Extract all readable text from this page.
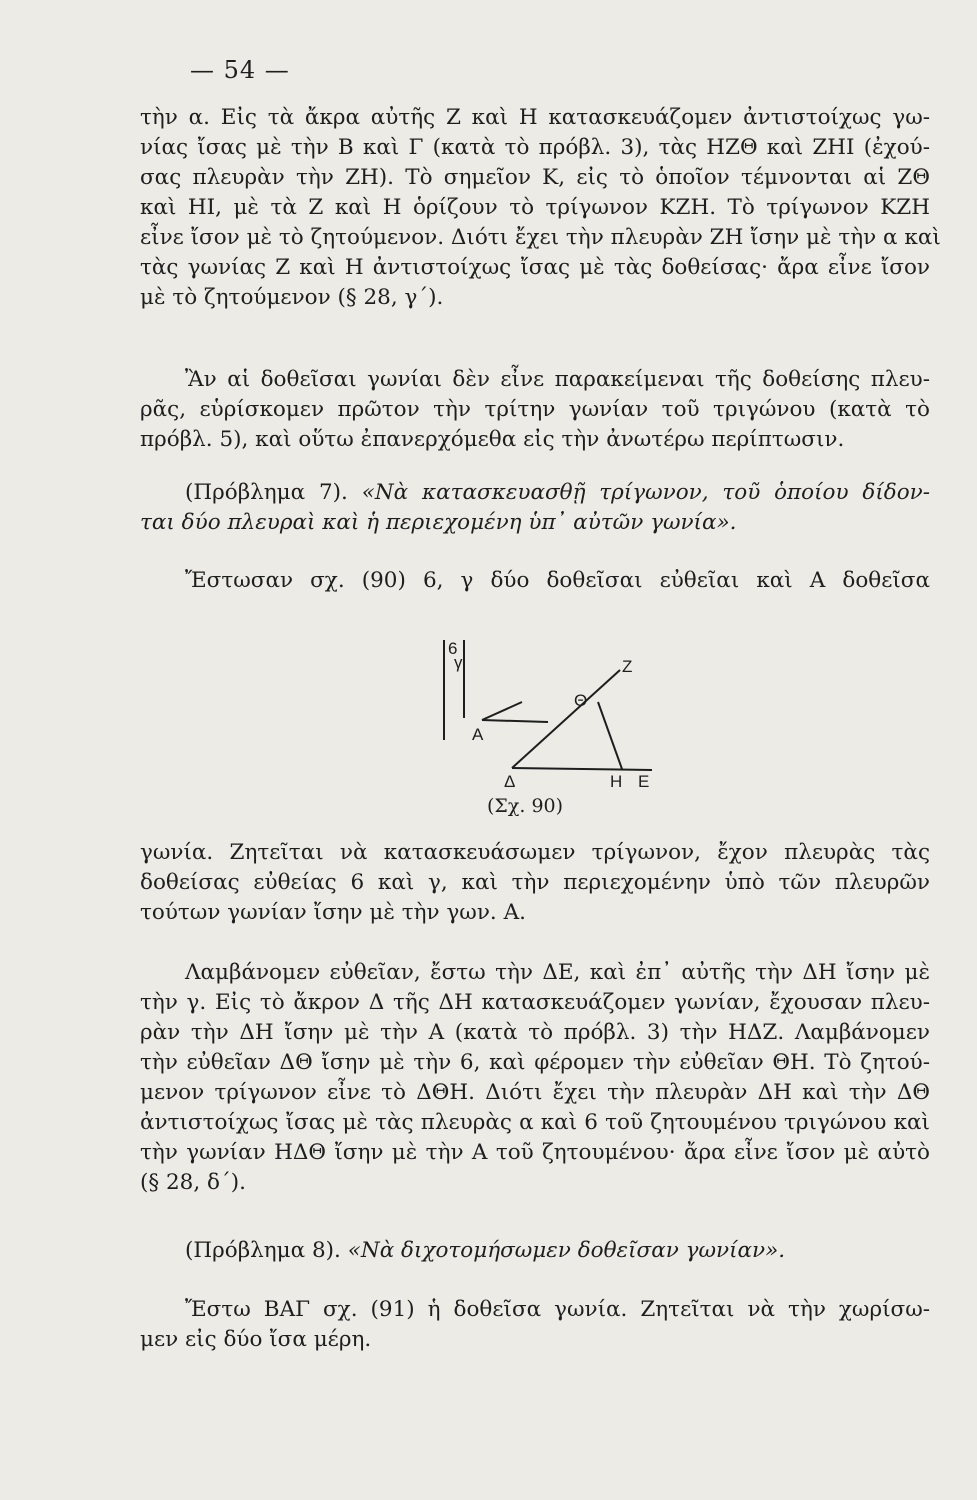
— 54 —
τὴν α. Εἰς τὰ ἄκρα αὐτῆς Ζ καὶ Η κατασκευάζομεν ἀντιστοίχως γω-
νίας ἴσας μὲ τὴν Β καὶ Γ (κατὰ τὸ πρόβλ. 3), τὰς ΗΖΘ καὶ ΖΗΙ (ἐχού-
σας πλευρὰν τὴν ΖΗ). Τὸ σημεῖον Κ, εἰς τὸ ὁποῖον τέμνονται αἱ ΖΘ
καὶ ΗΙ, μὲ τὰ Ζ καὶ Η ὁρίζουν τὸ τρίγωνον ΚΖΗ. Τὸ τρίγωνον ΚΖΗ
εἶνε ἴσον μὲ τὸ ζητούμενον. Διότι ἔχει τὴν πλευρὰν ΖΗ ἴσην μὲ τὴν α καὶ
τὰς γωνίας Ζ καὶ Η ἀντιστοίχως ἴσας μὲ τὰς δοθείσας· ἄρα εἶνε ἴσον
μὲ τὸ ζητούμενον (§ 28, γ΄).
Ἂν αἱ δοθεῖσαι γωνίαι δὲν εἶνε παρακείμεναι τῆς δοθείσης πλευ-
ρᾶς, εὑρίσκομεν πρῶτον τὴν τρίτην γωνίαν τοῦ τριγώνου (κατὰ τὸ
πρόβλ. 5), καὶ οὕτω ἐπανερχόμεθα εἰς τὴν ἀνωτέρω περίπτωσιν.
(Πρόβλημα 7). «Νὰ κατασκευασθῇ τρίγωνον, τοῦ ὁποίου δίδον-
ται δύο πλευραὶ καὶ ἡ περιεχομένη ὑπ᾿ αὐτῶν γωνία».
Ἔστωσαν σχ. (90) 6, γ δύο δοθεῖσαι εὐθεῖαι καὶ Α δοθεῖσα
6
γ
A
Z
Θ
Δ	H E
(Σχ. 90)
γωνία. Ζητεῖται νὰ κατασκευάσωμεν τρίγωνον, ἔχον πλευρὰς τὰς
δοθείσας εὐθείας 6 καὶ γ, καὶ τὴν περιεχομένην ὑπὸ τῶν πλευρῶν
τούτων γωνίαν ἴσην μὲ τὴν γων. Α.
Λαμβάνομεν εὐθεῖαν, ἔστω τὴν ΔΕ, καὶ ἐπ᾿ αὐτῆς τὴν ΔΗ ἴσην μὲ
τὴν γ. Εἰς τὸ ἄκρον Δ τῆς ΔΗ κατασκευάζομεν γωνίαν, ἔχουσαν πλευ-
ρὰν τὴν ΔΗ ἴσην μὲ τὴν Α (κατὰ τὸ πρόβλ. 3) τὴν ΗΔΖ. Λαμβάνομεν
τὴν εὐθεῖαν ΔΘ ἴσην μὲ τὴν 6, καὶ φέρομεν τὴν εὐθεῖαν ΘΗ. Τὸ ζητού-
μενον τρίγωνον εἶνε τὸ ΔΘΗ. Διότι ἔχει τὴν πλευρὰν ΔΗ καὶ τὴν ΔΘ
ἀντιστοίχως ἴσας μὲ τὰς πλευρὰς α καὶ 6 τοῦ ζητουμένου τριγώνου καὶ
τὴν γωνίαν ΗΔΘ ἴσην μὲ τὴν Α τοῦ ζητουμένου· ἄρα εἶνε ἴσον μὲ αὐτὸ
(§ 28, δ΄).
(Πρόβλημα 8). «Νὰ διχοτομήσωμεν δοθεῖσαν γωνίαν».
Ἔστω ΒΑΓ σχ. (91) ἡ δοθεῖσα γωνία. Ζητεῖται νὰ τὴν χωρίσω-
μεν εἰς δύο ἴσα μέρη.
